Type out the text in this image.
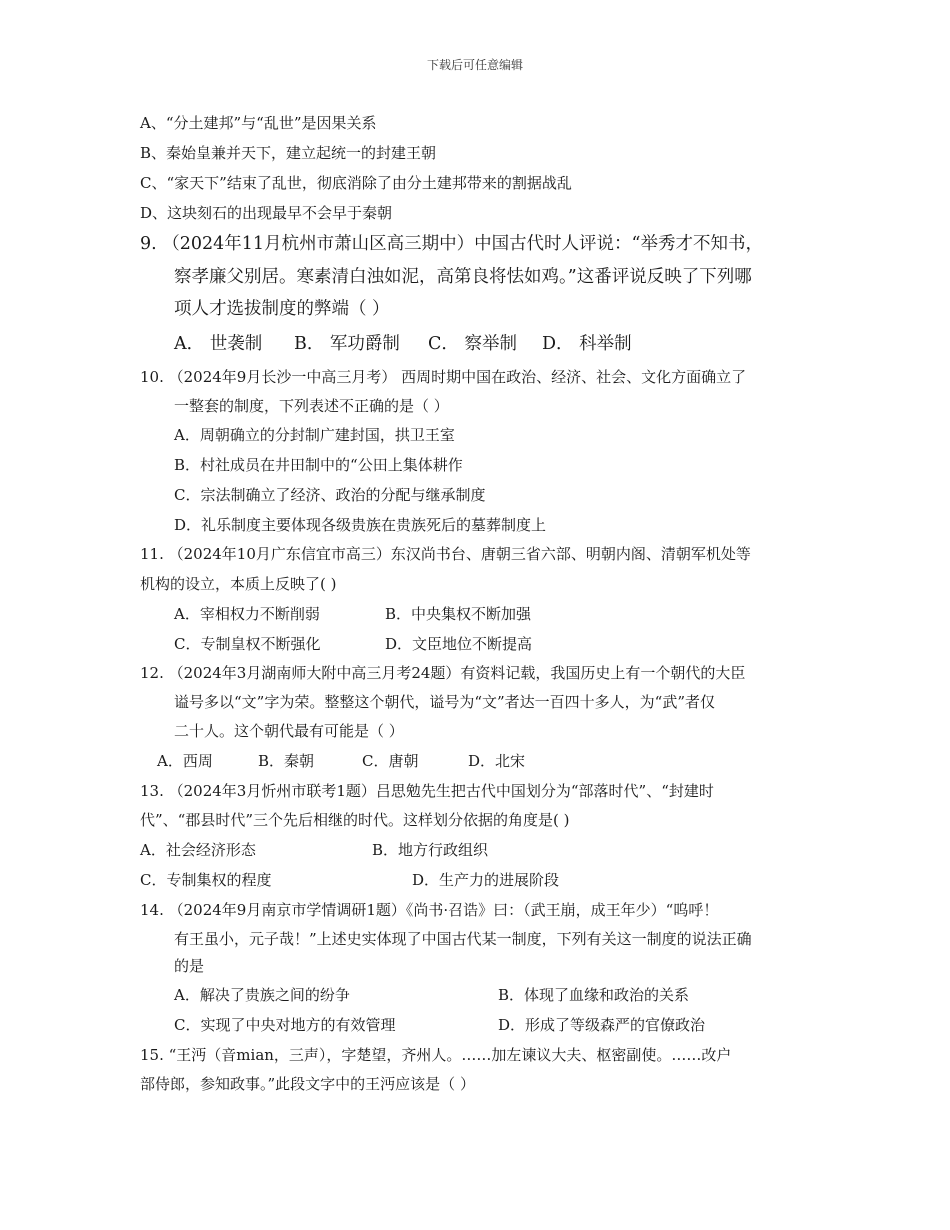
下载后可任意编辑
A、“分土建邦”与“乱世”是因果关系
B、秦始皇兼并天下，建立起统一的封建王朝
C、“家天下”结束了乱世，彻底消除了由分土建邦带来的割据战乱
D、这块刻石的出现最早不会早于秦朝
9. （2024年11月杭州市萧山区高三期中）中国古代时人评说：“举秀才不知书，
察孝廉父别居。寒素清白浊如泥，高第良将怯如鸡。”这番评说反映了下列哪
项人才选拔制度的弊端（ ）
A． 世袭制 B． 军功爵制 C． 察举制 D． 科举制
10. （2024年9月长沙一中高三月考） 西周时期中国在政治、经济、社会、文化方面确立了
一整套的制度，下列表述不正确的是（ ）
A．周朝确立的分封制广建封国，拱卫王室
B．村社成员在井田制中的“公田上集体耕作
C．宗法制确立了经济、政治的分配与继承制度
D．礼乐制度主要体现各级贵族在贵族死后的墓葬制度上
11. （2024年10月广东信宜市高三）东汉尚书台、唐朝三省六部、明朝内阁、清朝军机处等
机构的设立，本质上反映了( )
A．宰相权力不断削弱	B．中央集权不断加强
C．专制皇权不断强化	D．文臣地位不断提高
12. （2024年3月湖南师大附中高三月考24题）有资料记载，我国历史上有一个朝代的大臣
谥号多以“文”字为荣。整整这个朝代，谥号为“文”者达一百四十多人，为“武”者仅
二十人。这个朝代最有可能是（ ）
A．西周	B．秦朝	C．唐朝	D．北宋
13. （2024年3月忻州市联考1题）吕思勉先生把古代中国划分为“部落时代”、“封建时
代”、“郡县时代”三个先后相继的时代。这样划分依据的角度是( )
A．社会经济形态	B．地方行政组织
C．专制集权的程度	D．生产力的进展阶段
14. （2024年9月南京市学情调研1题）《尚书·召诰》曰：（武王崩，成王年少）“呜呼！
有王虽小，元子哉！”上述史实体现了中国古代某一制度，下列有关这一制度的说法正确
的是
A．解决了贵族之间的纷争	B．体现了血缘和政治的关系
C．实现了中央对地方的有效管理	D．形成了等级森严的官僚政治
15. “王沔（音mian，三声），字楚望，齐州人。……加左谏议大夫、枢密副使。……改户
部侍郎，参知政事。”此段文字中的王沔应该是（ ）
